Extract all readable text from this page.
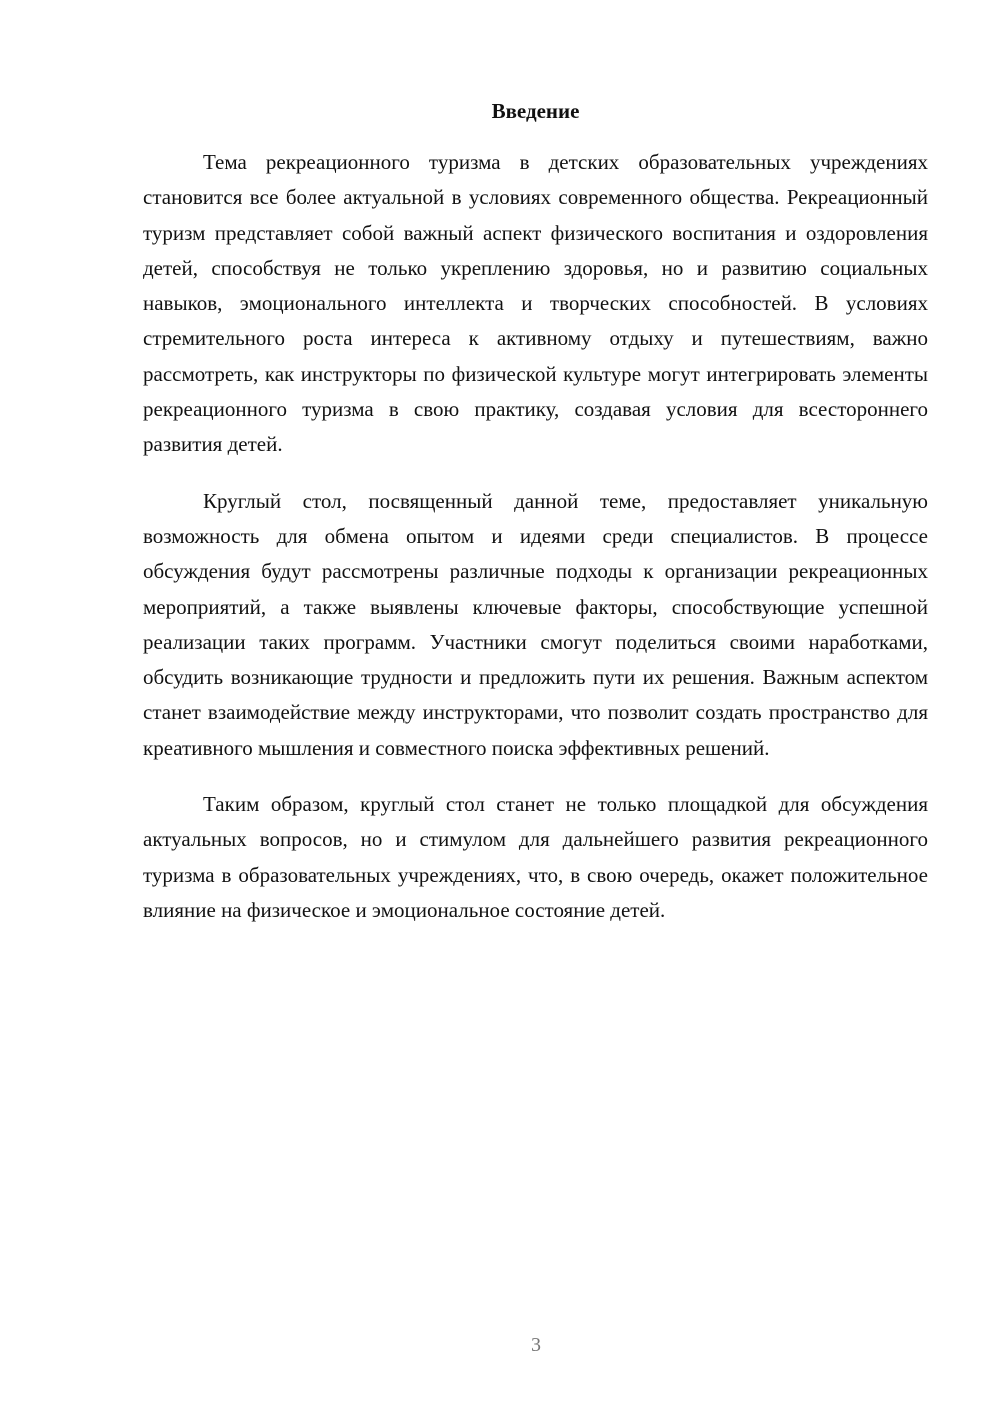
Введение

Тема рекреационного туризма в детских образовательных учреждениях становится все более актуальной в условиях современного общества. Рекреационный туризм представляет собой важный аспект физического воспитания и оздоровления детей, способствуя не только укреплению здоровья, но и развитию социальных навыков, эмоционального интеллекта и творческих способностей. В условиях стремительного роста интереса к активному отдыху и путешествиям, важно рассмотреть, как инструкторы по физической культуре могут интегрировать элементы рекреационного туризма в свою практику, создавая условия для всестороннего развития детей.

Круглый стол, посвященный данной теме, предоставляет уникальную возможность для обмена опытом и идеями среди специалистов. В процессе обсуждения будут рассмотрены различные подходы к организации рекреационных мероприятий, а также выявлены ключевые факторы, способствующие успешной реализации таких программ. Участники смогут поделиться своими наработками, обсудить возникающие трудности и предложить пути их решения. Важным аспектом станет взаимодействие между инструкторами, что позволит создать пространство для креативного мышления и совместного поиска эффективных решений.

Таким образом, круглый стол станет не только площадкой для обсуждения актуальных вопросов, но и стимулом для дальнейшего развития рекреационного туризма в образовательных учреждениях, что, в свою очередь, окажет положительное влияние на физическое и эмоциональное состояние детей.

3
